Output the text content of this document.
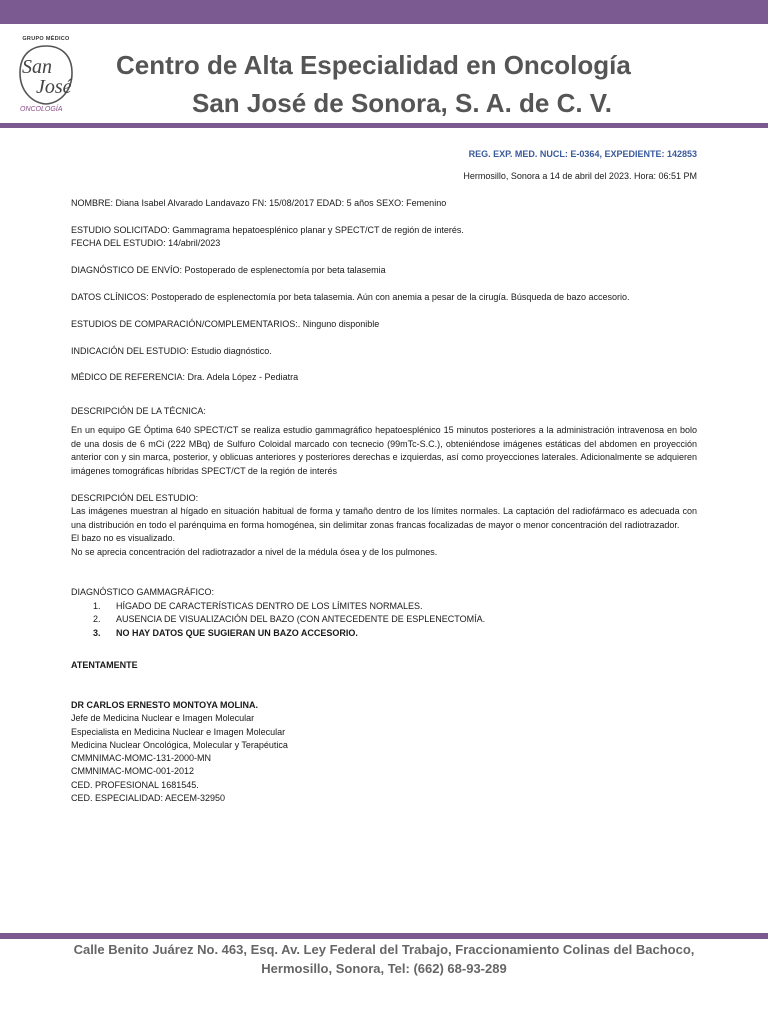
GRUPO MÉDICO
San
José
ONCOLOGÍA
Centro de Alta Especialidad en Oncología
San José de Sonora, S. A. de C. V.
REG. EXP. MED. NUCL: E-0364, EXPEDIENTE: 142853
Hermosillo, Sonora a 14 de abril del 2023. Hora: 06:51 PM
NOMBRE: Diana Isabel Alvarado Landavazo FN: 15/08/2017 EDAD: 5 años SEXO: Femenino
ESTUDIO SOLICITADO: Gammagrama hepatoesplénico planar y SPECT/CT de región de interés.
FECHA DEL ESTUDIO: 14/abril/2023
DIAGNÓSTICO DE ENVÍO: Postoperado de esplenectomía por beta talasemia
DATOS CLÍNICOS: Postoperado de esplenectomía por beta talasemia. Aún con anemia a pesar de la cirugía. Búsqueda de bazo accesorio.
ESTUDIOS DE COMPARACIÓN/COMPLEMENTARIOS:. Ninguno disponible
INDICACIÓN DEL ESTUDIO: Estudio diagnóstico.
MÉDICO DE REFERENCIA: Dra. Adela López - Pediatra
DESCRIPCIÓN DE LA TÉCNICA:

En un equipo GE Óptima 640 SPECT/CT se realiza estudio gammagráfico hepatoesplénico 15 minutos posteriores a la administración intravenosa en bolo de una dosis de 6 mCi (222 MBq) de Sulfuro Coloidal marcado con tecnecio (99mTc-S.C.), obteniéndose imágenes estáticas del abdomen en proyección anterior con y sin marca, posterior, y oblicuas anteriores y posteriores derechas e izquierdas, así como proyecciones laterales. Adicionalmente se adquieren imágenes tomográficas híbridas SPECT/CT de la región de interés

DESCRIPCIÓN DEL ESTUDIO:

Las imágenes muestran al hígado en situación habitual de forma y tamaño dentro de los límites normales. La captación del radiofármaco es adecuada con una distribución en todo el parénquima en forma homogénea, sin delimitar zonas francas focalizadas de mayor o menor concentración del radiotrazador.

El bazo no es visualizado.

No se aprecia concentración del radiotrazador a nivel de la médula ósea y de los pulmones.

DIAGNÓSTICO GAMMAGRÁFICO:
1. HÍGADO DE CARACTERÍSTICAS DENTRO DE LOS LÍMITES NORMALES.
2. AUSENCIA DE VISUALIZACIÓN DEL BAZO (CON ANTECEDENTE DE ESPLENECTOMÍA.
3. NO HAY DATOS QUE SUGIERAN UN BAZO ACCESORIO.
ATENTAMENTE
DR CARLOS ERNESTO MONTOYA MOLINA.
Jefe de Medicina Nuclear e Imagen Molecular
Especialista en Medicina Nuclear e Imagen Molecular
Medicina Nuclear Oncológica, Molecular y Terapéutica
CMMNIMAC-MOMC-131-2000-MN
CMMNIMAC-MOMC-001-2012
CED. PROFESIONAL 1681545.
CED. ESPECIALIDAD: AECEM-32950
Calle Benito Juárez No. 463, Esq. Av. Ley Federal del Trabajo, Fraccionamiento Colinas del Bachoco,
Hermosillo, Sonora, Tel: (662) 68-93-289
